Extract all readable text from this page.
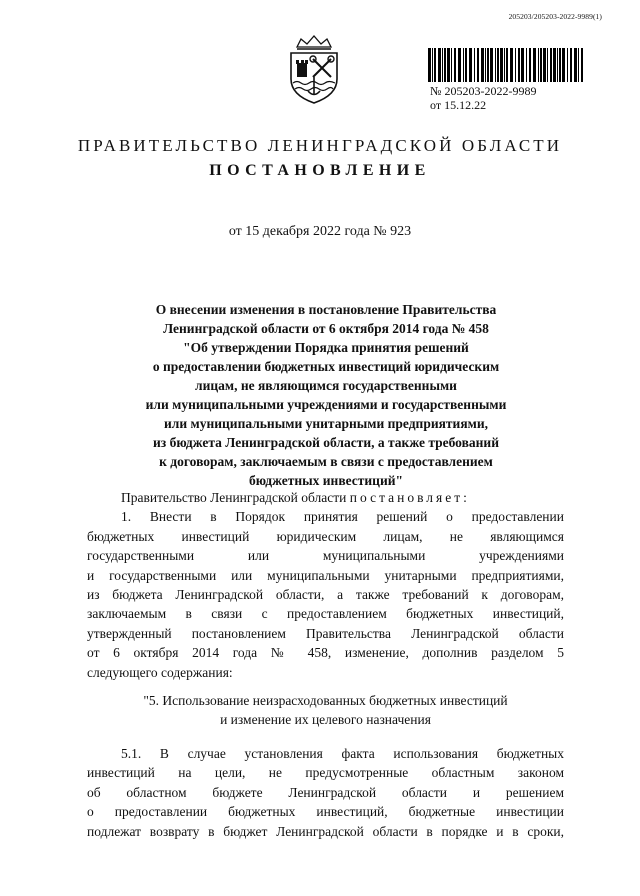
205203/205203-2022-9989(1)
№ 205203-2022-9989
от 15.12.22
ПРАВИТЕЛЬСТВО ЛЕНИНГРАДСКОЙ ОБЛАСТИ
ПОСТАНОВЛЕНИЕ

от 15 декабря 2022 года № 923

О внесении изменения в постановление Правительства
Ленинградской области от 6 октября 2014 года № 458
"Об утверждении Порядка принятия решений
о предоставлении бюджетных инвестиций юридическим
лицам, не являющимся государственными
или муниципальными учреждениями и государственными
или муниципальными унитарными предприятиями,
из бюджета Ленинградской области, а также требований
к договорам, заключаемым в связи с предоставлением
бюджетных инвестиций"
Правительство Ленинградской области постановляет:
1. Внести в Порядок принятия решений о предоставлении
бюджетных инвестиций юридическим лицам, не являющимся
государственными или муниципальными учреждениями
и государственными или муниципальными унитарными предприятиями,
из бюджета Ленинградской области, а также требований к договорам,
заключаемым в связи с предоставлением бюджетных инвестиций,
утвержденный постановлением Правительства Ленинградской области
от 6 октября 2014 года № 458, изменение, дополнив разделом 5
следующего содержания:
"5. Использование неизрасходованных бюджетных инвестиций
и изменение их целевого назначения
5.1. В случае установления факта использования бюджетных
инвестиций на цели, не предусмотренные областным законом
об областном бюджете Ленинградской области и решением
о предоставлении бюджетных инвестиций, бюджетные инвестиции
подлежат возврату в бюджет Ленинградской области в порядке и в сроки,
